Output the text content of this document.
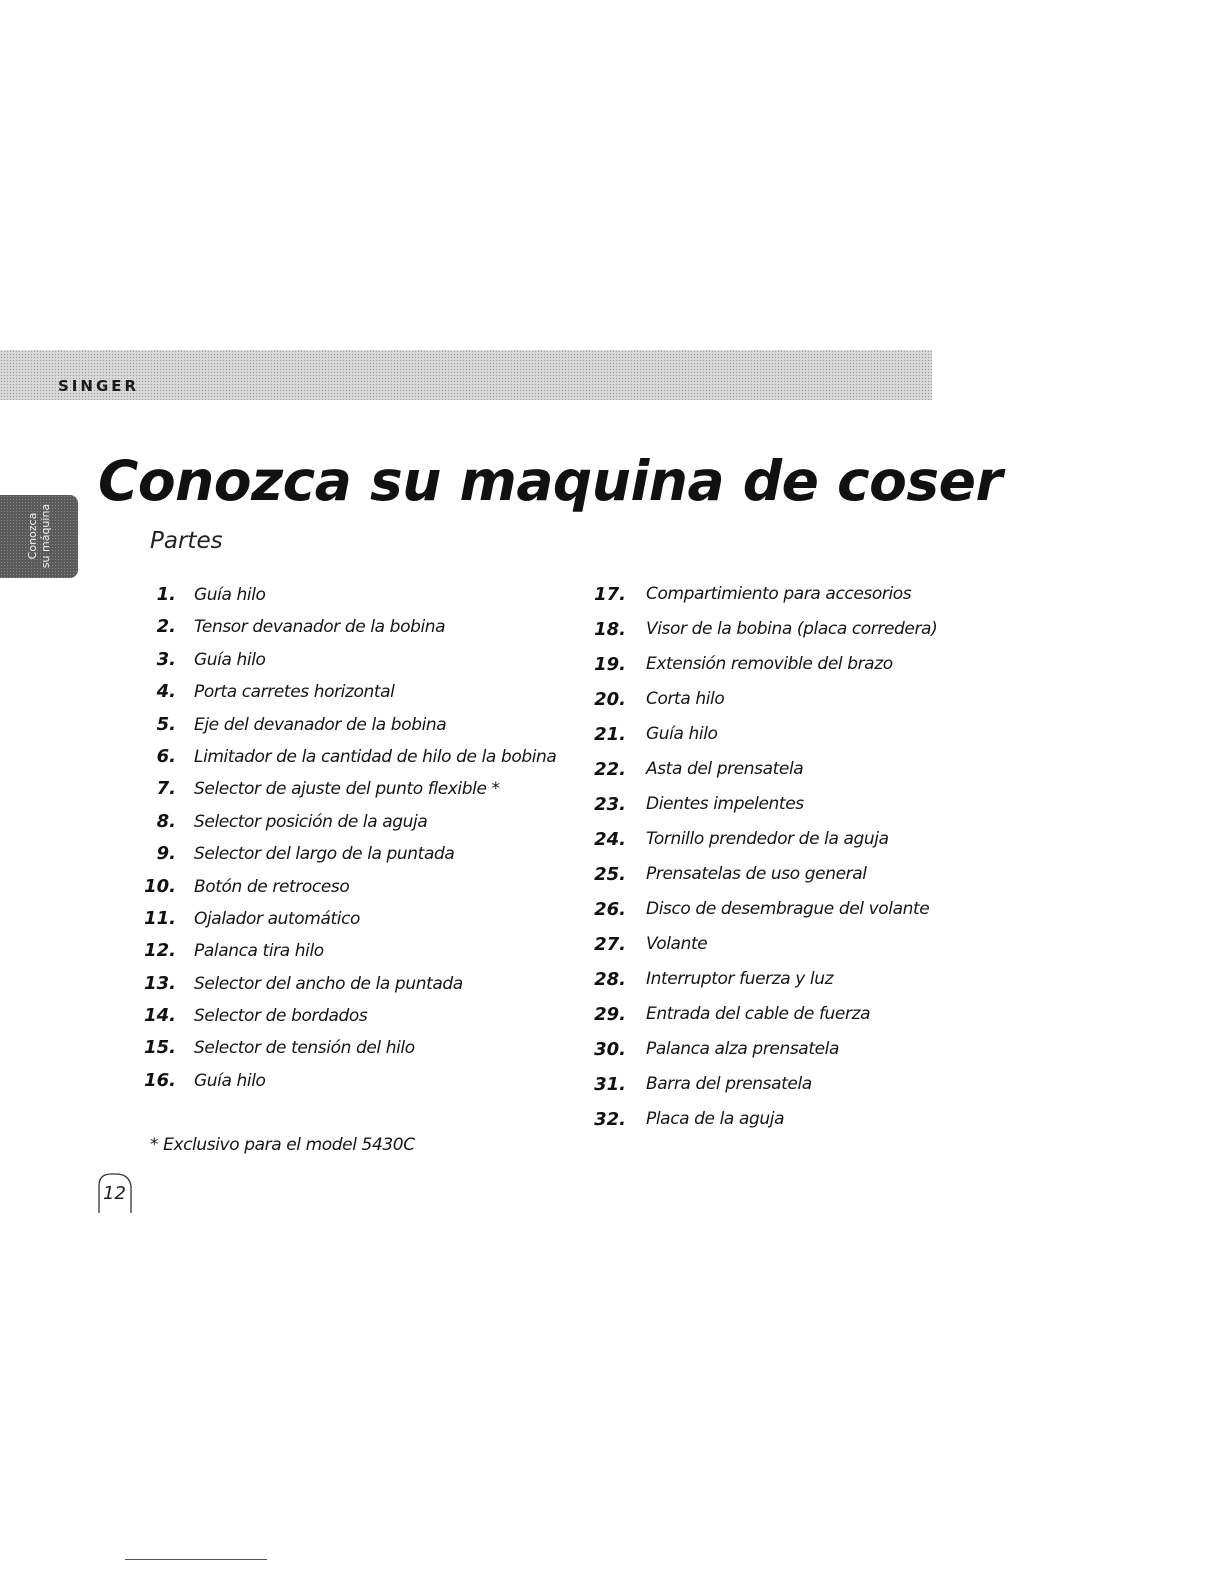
SINGER
Conozca su máquina
Conozca su maquina de coser
Partes
1. Guía hilo
2. Tensor devanador de la bobina
3. Guía hilo
4. Porta carretes horizontal
5. Eje del devanador de la bobina
6. Limitador de la cantidad de hilo de la bobina
7. Selector de ajuste del punto flexible *
8. Selector posición de la aguja
9. Selector del largo de la puntada
10. Botón de retroceso
11. Ojalador automático
12. Palanca tira hilo
13. Selector del ancho de la puntada
14. Selector de bordados
15. Selector de tensión del hilo
16. Guía hilo
17. Compartimiento para accesorios
18. Visor de la bobina (placa corredera)
19. Extensión removible del brazo
20. Corta hilo
21. Guía hilo
22. Asta del prensatela
23. Dientes impelentes
24. Tornillo prendedor de la aguja
25. Prensatelas de uso general
26. Disco de desembrague del volante
27. Volante
28. Interruptor fuerza y luz
29. Entrada del cable de fuerza
30. Palanca alza prensatela
31. Barra del prensatela
32. Placa de la aguja
* Exclusivo para el model 5430C
12
